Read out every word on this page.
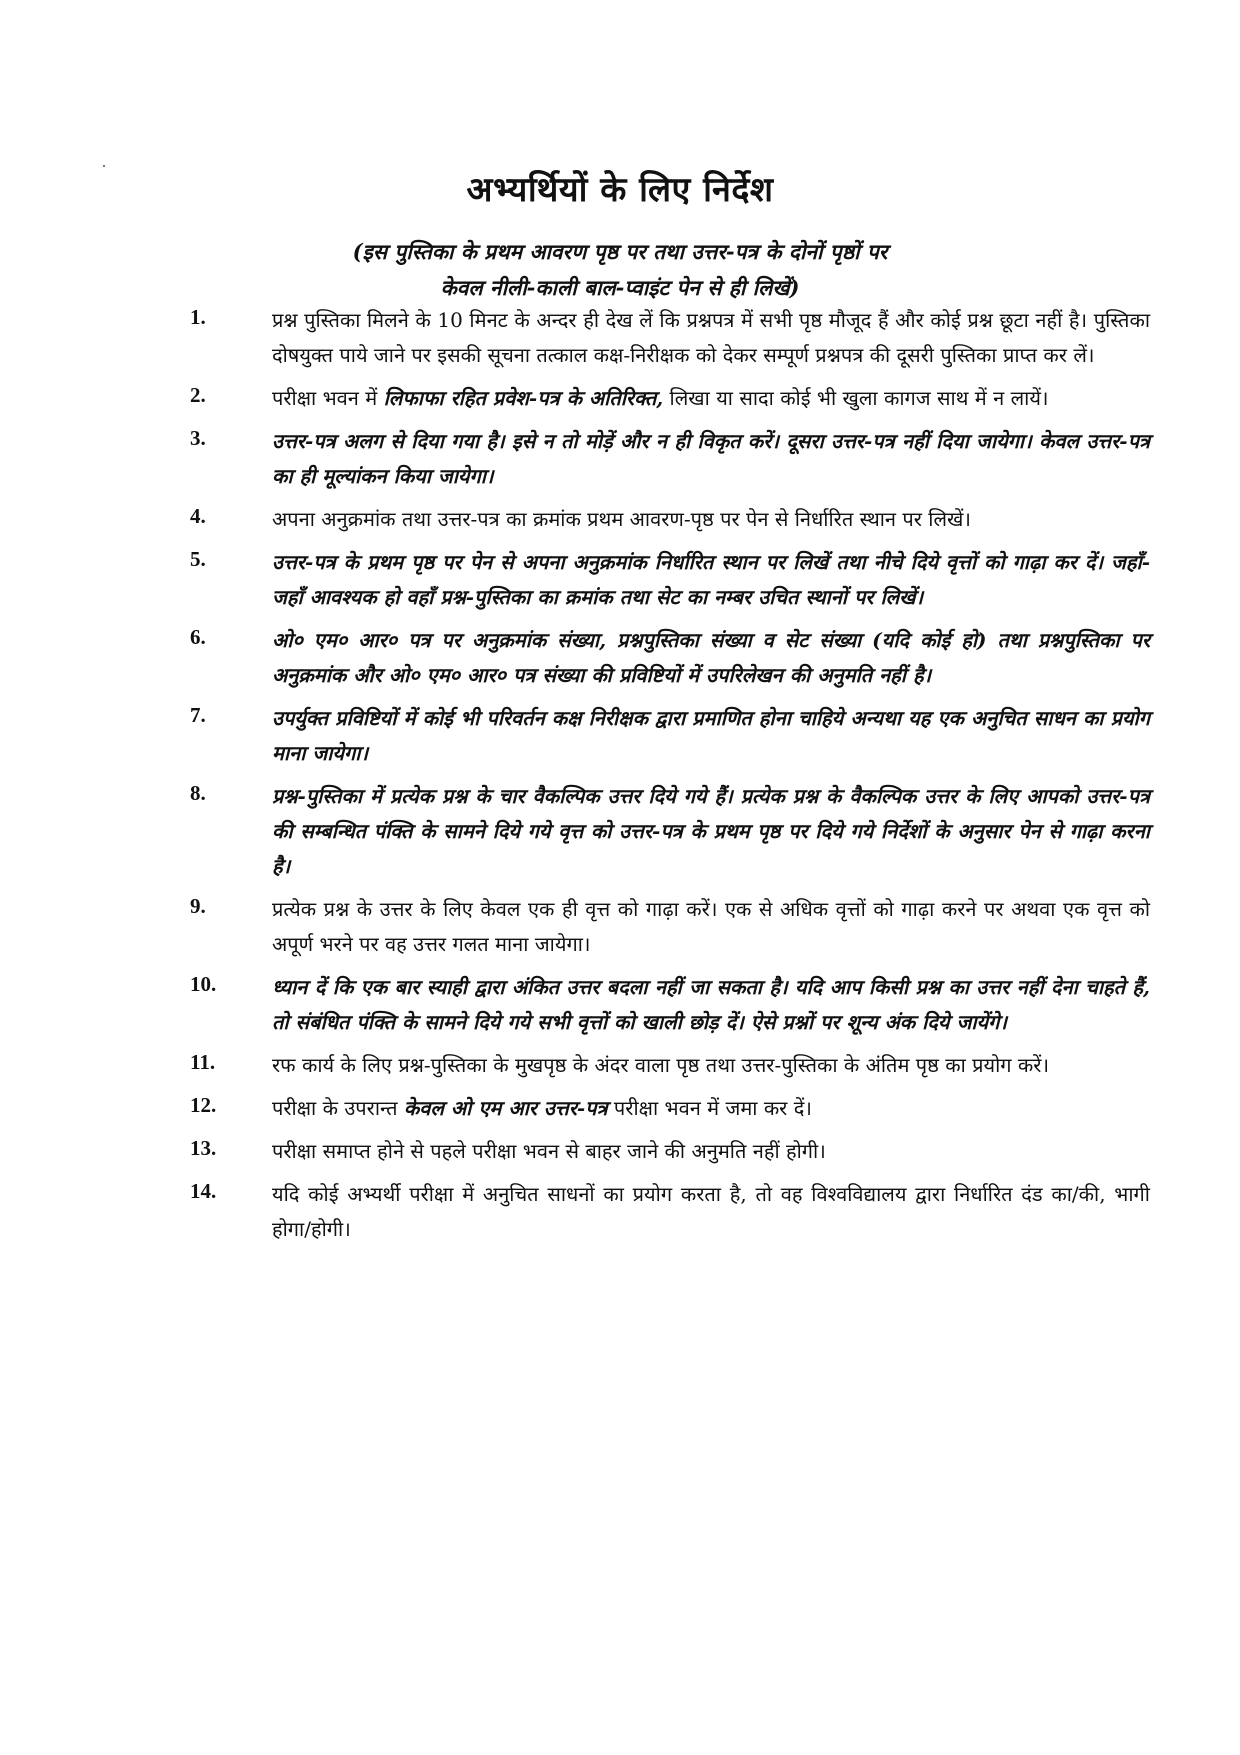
अभ्यर्थियों के लिए निर्देश
(इस पुस्तिका के प्रथम आवरण पृष्ठ पर तथा उत्तर-पत्र के दोनों पृष्ठों पर
केवल नीली-काली बाल-प्वाइंट पेन से ही लिखें)
1.	प्रश्न पुस्तिका मिलने के 10 मिनट के अन्दर ही देख लें कि प्रश्नपत्र में सभी पृष्ठ मौजूद हैं और कोई प्रश्न छूटा नहीं है। पुस्तिका दोषयुक्त पाये जाने पर इसकी सूचना तत्काल कक्ष-निरीक्षक को देकर सम्पूर्ण प्रश्नपत्र की दूसरी पुस्तिका प्राप्त कर लें।
2.	परीक्षा भवन में लिफाफा रहित प्रवेश-पत्र के अतिरिक्त, लिखा या सादा कोई भी खुला कागज साथ में न लायें।
3.	उत्तर-पत्र अलग से दिया गया है। इसे न तो मोड़ें और न ही विकृत करें। दूसरा उत्तर-पत्र नहीं दिया जायेगा। केवल उत्तर-पत्र का ही मूल्यांकन किया जायेगा।
4.	अपना अनुक्रमांक तथा उत्तर-पत्र का क्रमांक प्रथम आवरण-पृष्ठ पर पेन से निर्धारित स्थान पर लिखें।
5.	उत्तर-पत्र के प्रथम पृष्ठ पर पेन से अपना अनुक्रमांक निर्धारित स्थान पर लिखें तथा नीचे दिये वृत्तों को गाढ़ा कर दें। जहाँ-जहाँ आवश्यक हो वहाँ प्रश्न-पुस्तिका का क्रमांक तथा सेट का नम्बर उचित स्थानों पर लिखें।
6.	ओ० एम० आर० पत्र पर अनुक्रमांक संख्या, प्रश्नपुस्तिका संख्या व सेट संख्या (यदि कोई हो) तथा प्रश्नपुस्तिका पर अनुक्रमांक और ओ० एम० आर० पत्र संख्या की प्रविष्टियों में उपरिलेखन की अनुमति नहीं है।
7.	उपर्युक्त प्रविष्टियों में कोई भी परिवर्तन कक्ष निरीक्षक द्वारा प्रमाणित होना चाहिये अन्यथा यह एक अनुचित साधन का प्रयोग माना जायेगा।
8.	प्रश्न-पुस्तिका में प्रत्येक प्रश्न के चार वैकल्पिक उत्तर दिये गये हैं। प्रत्येक प्रश्न के वैकल्पिक उत्तर के लिए आपको उत्तर-पत्र की सम्बन्धित पंक्ति के सामने दिये गये वृत्त को उत्तर-पत्र के प्रथम पृष्ठ पर दिये गये निर्देशों के अनुसार पेन से गाढ़ा करना है।
9.	प्रत्येक प्रश्न के उत्तर के लिए केवल एक ही वृत्त को गाढ़ा करें। एक से अधिक वृत्तों को गाढ़ा करने पर अथवा एक वृत्त को अपूर्ण भरने पर वह उत्तर गलत माना जायेगा।
10.	ध्यान दें कि एक बार स्याही द्वारा अंकित उत्तर बदला नहीं जा सकता है। यदि आप किसी प्रश्न का उत्तर नहीं देना चाहते हैं, तो संबंधित पंक्ति के सामने दिये गये सभी वृत्तों को खाली छोड़ दें। ऐसे प्रश्नों पर शून्य अंक दिये जायेंगे।
11.	रफ कार्य के लिए प्रश्न-पुस्तिका के मुखपृष्ठ के अंदर वाला पृष्ठ तथा उत्तर-पुस्तिका के अंतिम पृष्ठ का प्रयोग करें।
12.	परीक्षा के उपरान्त केवल ओ एम आर उत्तर-पत्र परीक्षा भवन में जमा कर दें।
13.	परीक्षा समाप्त होने से पहले परीक्षा भवन से बाहर जाने की अनुमति नहीं होगी।
14.	यदि कोई अभ्यर्थी परीक्षा में अनुचित साधनों का प्रयोग करता है, तो वह विश्वविद्यालय द्वारा निर्धारित दंड का/की, भागी होगा/होगी।
